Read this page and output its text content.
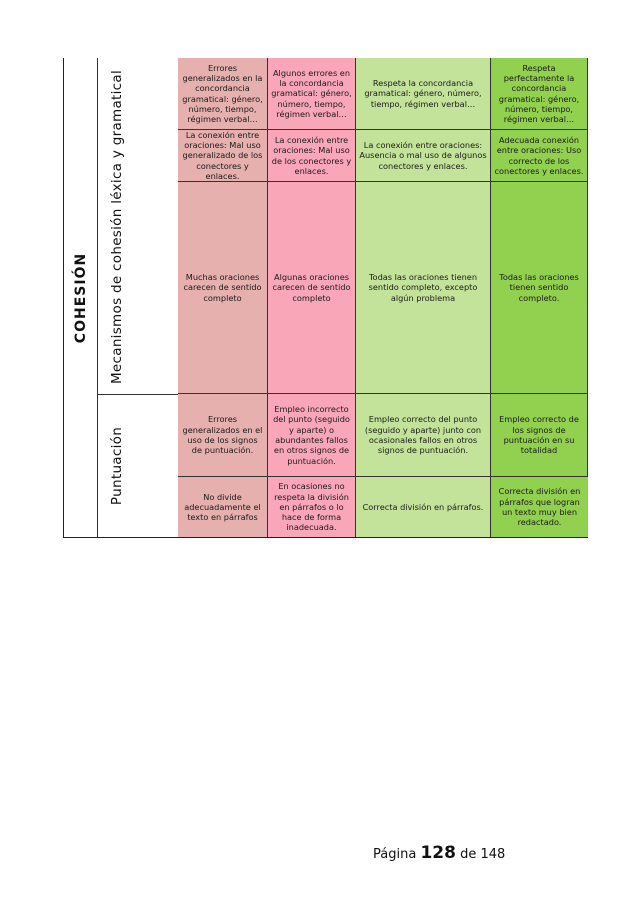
COHESIÓN Mecanismos de cohesión léxica y gramatical
Puntuación
Errores generalizados en la concordancia gramatical: género, número, tiempo, régimen verbal…
Algunos errores en la concordancia gramatical: género, número, tiempo, régimen verbal…
Respeta la concordancia gramatical: género, número, tiempo, régimen verbal…
Respeta perfectamente la concordancia gramatical: género, número, tiempo, régimen verbal…
La conexión entre oraciones: Mal uso generalizado de los conectores y enlaces.
La conexión entre oraciones: Mal uso de los conectores y enlaces.
La conexión entre oraciones: Ausencia o mal uso de algunos conectores y enlaces.
Adecuada conexión entre oraciones: Uso correcto de los conectores y enlaces.
Muchas oraciones carecen de sentido completo
Algunas oraciones carecen de sentido completo
Todas las oraciones tienen sentido completo, excepto algún problema
Todas las oraciones tienen sentido completo.
Errores generalizados en el uso de los signos de puntuación.
Empleo incorrecto del punto (seguido y aparte) o abundantes fallos en otros signos de puntuación.
Empleo correcto del punto (seguido y aparte) junto con ocasionales fallos en otros signos de puntuación.
Empleo correcto de los signos de puntuación en su totalidad
No divide adecuadamente el texto en párrafos
En ocasiones no respeta la división en párrafos o lo hace de forma inadecuada.
Correcta división en párrafos.
Correcta división en párrafos que logran un texto muy bien redactado.
Página 128 de 148
